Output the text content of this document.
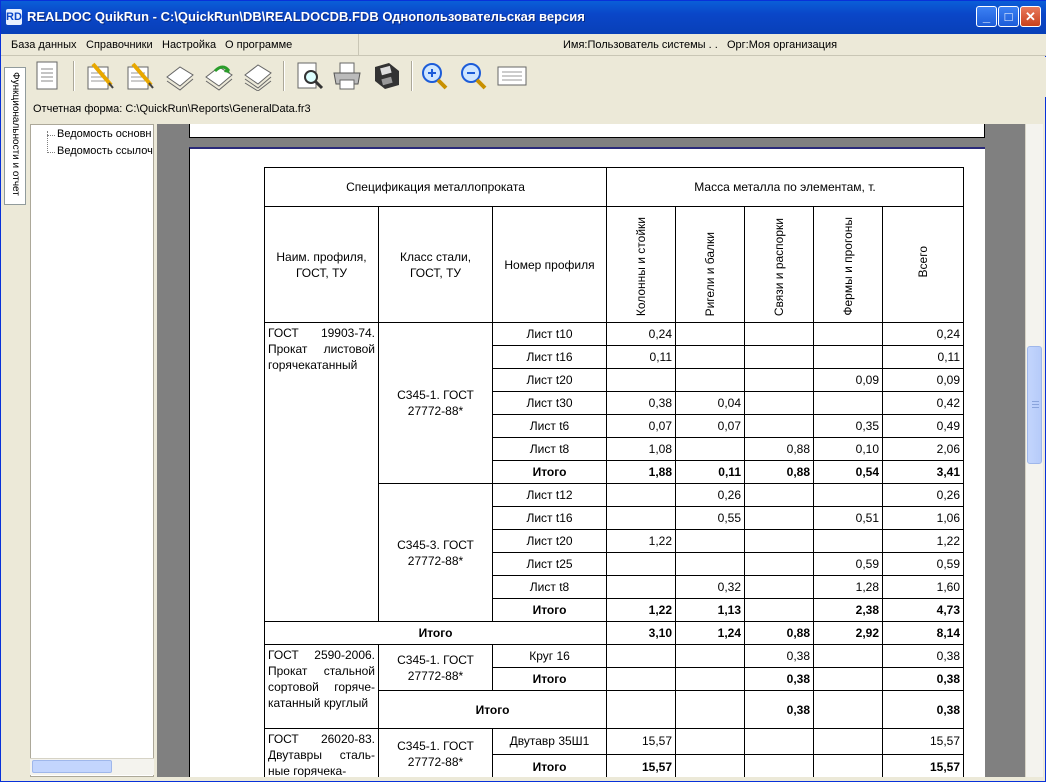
RD REALDOC QuikRun - C:\QuickRun\DB\REALDOCDB.FDB Однопользовательская версия	_	□ ✕
База данных Справочники Настройка О программе	Имя:Пользователь системы . . Орг:Моя организация
Отчетная форма: C:\QuickRun\Reports\GeneralData.fr3
Функциональности и отчет	Ведомость основн
Ведомость ссылоч
Спецификация металлопроката			Масса металла по элементам, т.				
Наим. профиля, ГОСТ, ТУ	Класс стали, ГОСТ, ТУ	Номер профиля	Колонны и стойки	Ригели и балки	Связи и распорки	Фермы и прогоны	Всего
ГОСТ 19903-74. Прокат листовой горячекатанный	С345-1. ГОСТ 27772-88*	Лист t10	0,24				0,24
		Лист t16	0,11				0,11
		Лист t20				0,09	0,09
		Лист t30	0,38	0,04			0,42
		Лист t6	0,07	0,07		0,35	0,49
		Лист t8	1,08		0,88	0,10	2,06
		Итого	1,88	0,11	0,88	0,54	3,41
	С345-3. ГОСТ 27772-88*	Лист t12		0,26			0,26
		Лист t16		0,55		0,51	1,06
		Лист t20	1,22				1,22
		Лист t25				0,59	0,59
		Лист t8		0,32		1,28	1,60
		Итого	1,22	1,13		2,38	4,73
Итого			3,10	1,24	0,88	2,92	8,14
ГОСТ 2590-2006. Прокат стальной сортовой горяче-катанный круглый	С345-1. ГОСТ 27772-88*	Круг 16			0,38		0,38
		Итого			0,38		0,38
	Итого				0,38		0,38
ГОСТ 26020-83. Двутавры сталь-ные горячека-	С345-1. ГОСТ 27772-88*	Двутавр 35Ш1	15,57				15,57
		Итого	15,57				15,57
